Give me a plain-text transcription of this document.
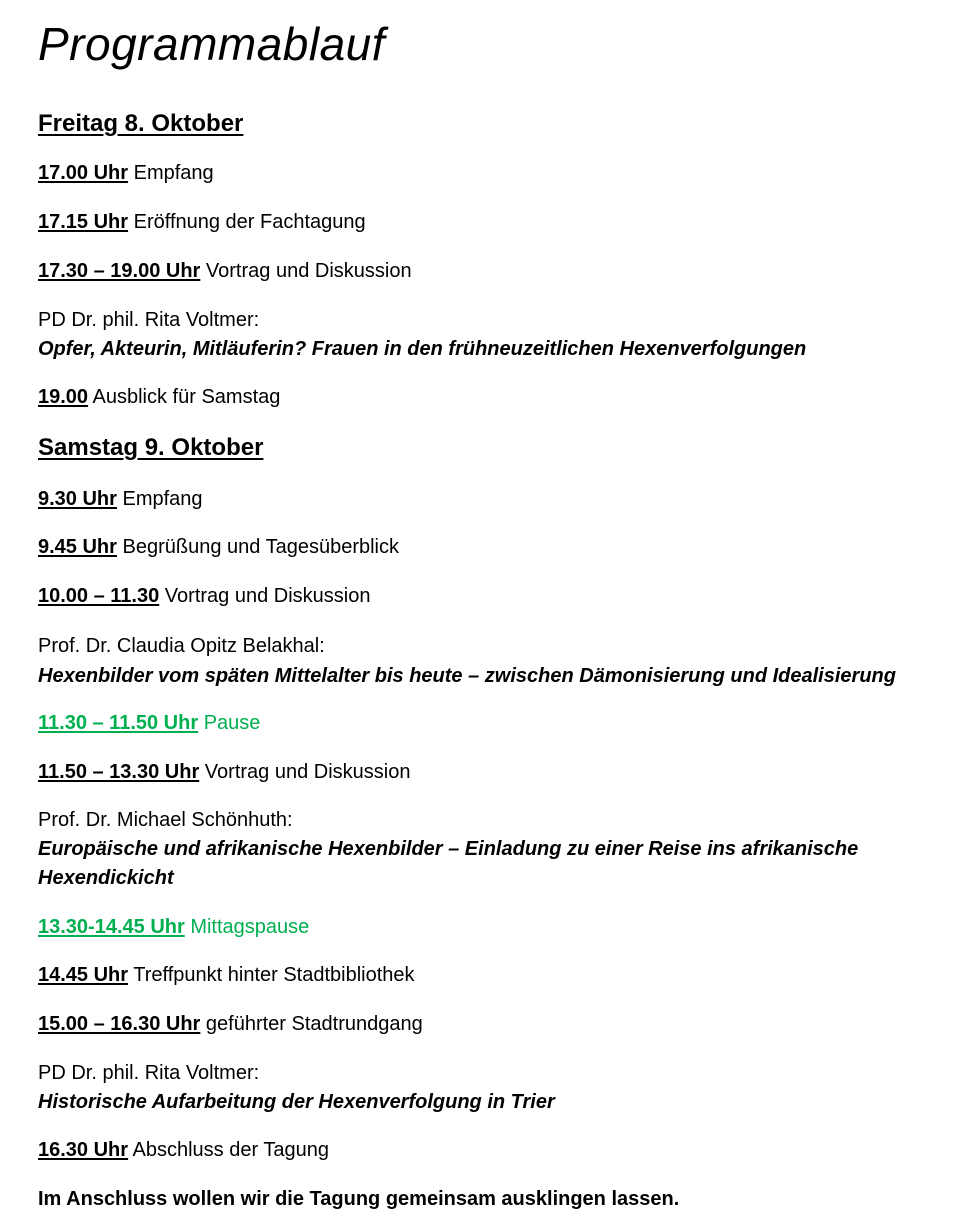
Programmablauf
Freitag 8. Oktober
17.00 Uhr Empfang
17.15 Uhr Eröffnung der Fachtagung
17.30 – 19.00 Uhr Vortrag und Diskussion
PD Dr. phil. Rita Voltmer:
Opfer, Akteurin, Mitläuferin? Frauen in den frühneuzeitlichen Hexenverfolgungen
19.00 Ausblick für Samstag
Samstag 9. Oktober
9.30 Uhr Empfang
9.45 Uhr Begrüßung und Tagesüberblick
10.00 – 11.30 Vortrag und Diskussion
Prof. Dr. Claudia Opitz Belakhal:
Hexenbilder vom späten Mittelalter bis heute – zwischen Dämonisierung und Idealisierung
11.30 – 11.50 Uhr Pause
11.50 – 13.30 Uhr Vortrag und Diskussion
Prof. Dr. Michael Schönhuth:
Europäische und afrikanische Hexenbilder – Einladung zu einer Reise ins afrikanische
Hexendickicht
13.30-14.45 Uhr Mittagspause
14.45 Uhr Treffpunkt hinter Stadtbibliothek
15.00 – 16.30 Uhr geführter Stadtrundgang
PD Dr. phil. Rita Voltmer:
Historische Aufarbeitung der Hexenverfolgung in Trier
16.30 Uhr Abschluss der Tagung
Im Anschluss wollen wir die Tagung gemeinsam ausklingen lassen.
